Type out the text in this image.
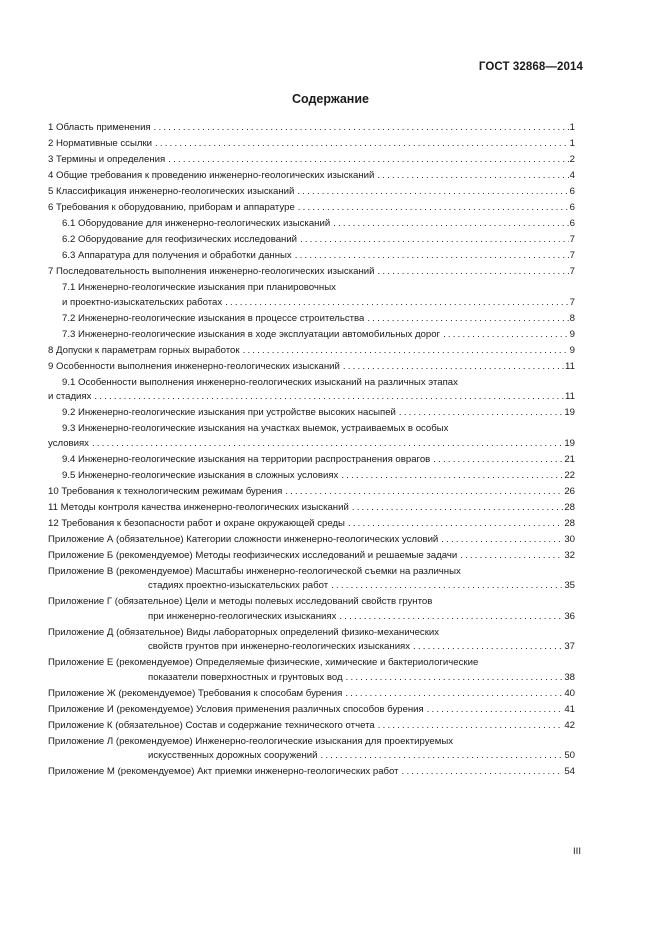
ГОСТ 32868—2014
Содержание
1 Область применения .....	1
2 Нормативные ссылки .....	1
3 Термины и определения .....	2
4 Общие требования к проведению инженерно-геологических изысканий .....	4
5 Классификация инженерно-геологических изысканий .....	6
6 Требования к оборудованию, приборам и аппаратуре .....	6
6.1 Оборудование для инженерно-геологических изысканий .....	6
6.2 Оборудование для геофизических исследований .....	7
6.3 Аппаратура для получения и обработки данных .....	7
7 Последовательность выполнения инженерно-геологических изысканий .....	7
7.1 Инженерно-геологические изыскания при планировочных
и проектно-изыскательских работах .....	7
7.2 Инженерно-геологические изыскания в процессе строительства .....	8
7.3 Инженерно-геологические изыскания в ходе эксплуатации автомобильных дорог .....	9
8 Допуски к параметрам горных выработок .....	9
9 Особенности выполнения инженерно-геологических изысканий .....	11
9.1 Особенности выполнения инженерно-геологических изысканий на различных этапах
и стадиях .....	11
9.2 Инженерно-геологические изыскания при устройстве высоких насыпей .....	19
9.3 Инженерно-геологические изыскания на участках выемок, устраиваемых в особых
условиях .....	19
9.4 Инженерно-геологические изыскания на территории распространения оврагов .....	21
9.5 Инженерно-геологические изыскания в сложных условиях .....	22
10 Требования к технологическим режимам бурения .....	26
11 Методы контроля качества инженерно-геологических изысканий .....	28
12 Требования к безопасности работ и охране окружающей среды .....	28
Приложение А (обязательное) Категории сложности инженерно-геологических условий .....	30
Приложение Б (рекомендуемое) Методы геофизических исследований и решаемые задачи .....	32
Приложение В (рекомендуемое) Масштабы инженерно-геологической съемки на различных
стадиях проектно-изыскательских работ .....	35
Приложение Г (обязательное) Цели и методы полевых исследований свойств грунтов
при инженерно-геологических изысканиях .....	36
Приложение Д (обязательное) Виды лабораторных определений физико-механических
свойств грунтов при инженерно-геологических изысканиях .....	37
Приложение Е (рекомендуемое) Определяемые физические, химические и бактериологические
показатели поверхностных и грунтовых вод .....	38
Приложение Ж (рекомендуемое) Требования к способам бурения .....	40
Приложение И (рекомендуемое) Условия применения различных способов бурения .....	41
Приложение К (обязательное) Состав и содержание технического отчета .....	42
Приложение Л (рекомендуемое) Инженерно-геологические изыскания для проектируемых
искусственных дорожных сооружений .....	50
Приложение М (рекомендуемое) Акт приемки инженерно-геологических работ .....	54
III
